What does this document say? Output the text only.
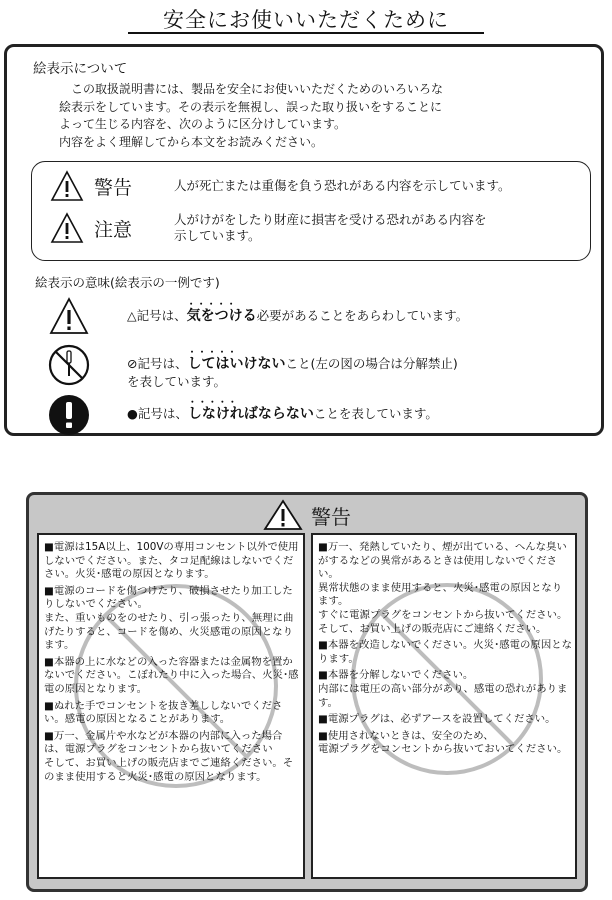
安全にお使いいただくために
絵表示について

この取扱説明書には、製品を安全にお使いいただくためのいろいろな

絵表示をしています。その表示を無視し、誤った取り扱いをすることに

よって生じる内容を、次のように区分けしています。

内容をよく理解してから本文をお読みください。

警告	人が死亡または重傷を負う恐れがある内容を示しています。
注意	人がけがをしたり財産に損害を受ける恐れがある内容を
示しています。
絵表示の意味(絵表示の一例です)
△記号は、・・・・・ 気をつける必要があることをあらわしています。
⊘記号は、・・・・・ してはいけないこと(左の図の場合は分解禁止)
を表しています。
●記号は、・・・・・ しなければならないことを表しています。
警告

■電源は15A以上、100Vの専用コンセント以外で使用しないでください。また、タコ足配線はしないでください。火災･感電の原因となります。

■電源のコードを傷つけたり、破損させたり加工したりしないでください。
また、重いものをのせたり、引っ張ったり、無理に曲げたりすると、コードを傷め、火災感電の原因となります。

■本器の上に水などの入った容器または金属物を置かないでください。こぼれたり中に入った場合、火災･感電の原因となります。

■ぬれた手でコンセントを抜き差ししないでください。感電の原因となることがあります。

■万一、金属片や水などが本器の内部に入った場合は、電源プラグをコンセントから抜いてください
そして、お買い上げの販売店までご連絡ください。そのまま使用すると火災･感電の原因となります。

■万一、発熱していたり、煙が出ている、へんな臭いがするなどの異常があるときは使用しないでください。
異常状態のまま使用すると、火災･感電の原因となります。
すぐに電源プラグをコンセントから抜いてください。
そして、お買い上げの販売店にご連絡ください。

■本器を改造しないでください。火災･感電の原因となります。

■本器を分解しないでください。
内部には電圧の高い部分があり、感電の恐れがあります。

■電源プラグは、必ずアースを設置してください。

■使用されないときは、安全のため、
電源プラグをコンセントから抜いておいてください。
